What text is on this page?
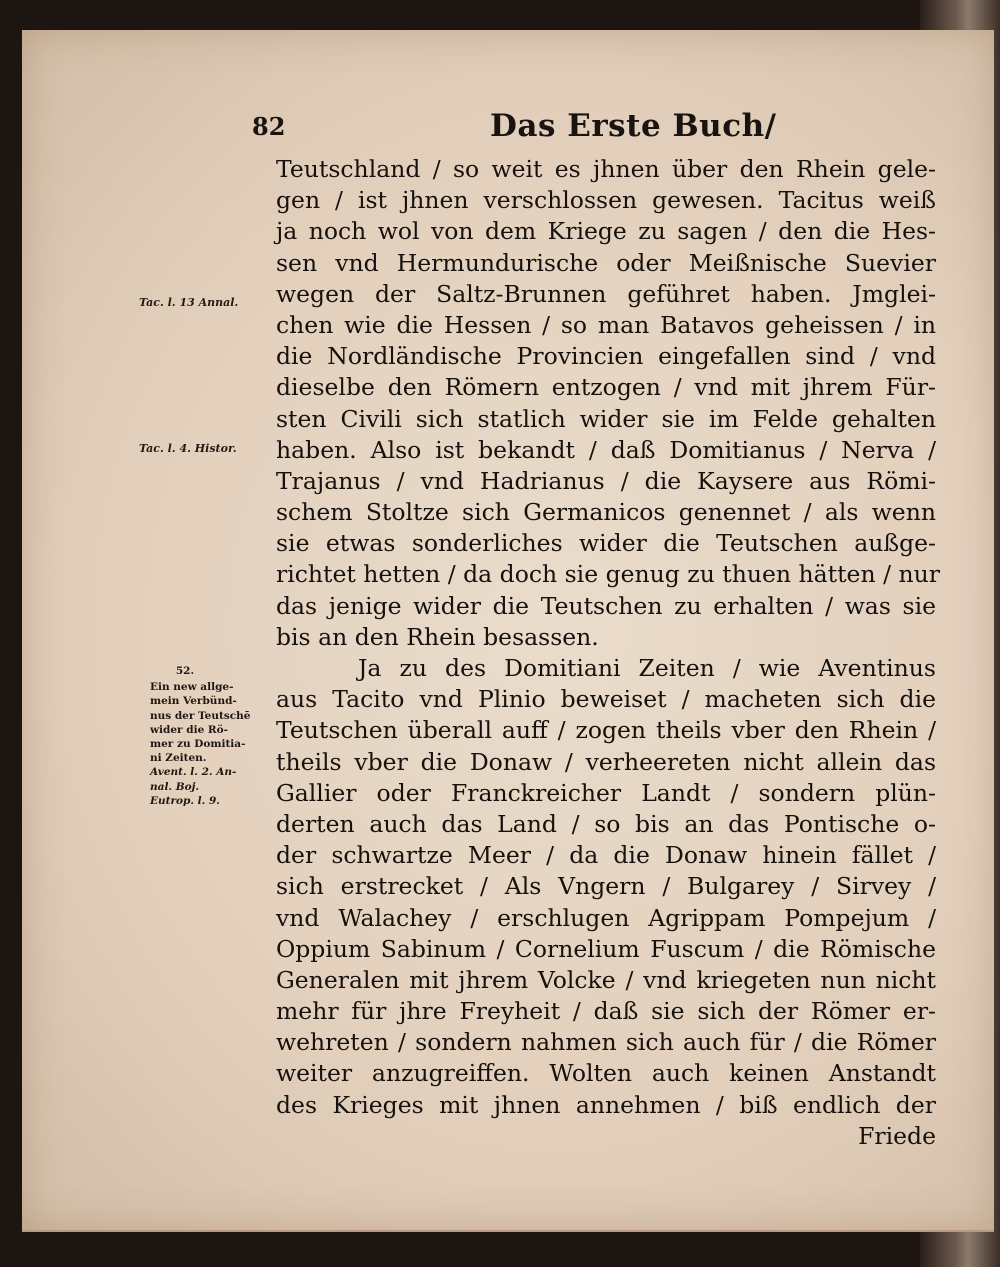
82	Das Erste Buch/
Tac. l. 13 Annal.
Tac. l. 4. Histor.
52.
Ein new allge-
mein Verbünd-
nus der Teutschē
wider die Rö-
mer zu Domitia-
ni Zeiten.
Avent. l. 2. An-
nal. Boj.
Eutrop. l. 9.
Teutschland / so weit es jhnen über den Rhein gele-
gen / ist jhnen verschlossen gewesen. Tacitus weiß
ja noch wol von dem Kriege zu sagen / den die Hes-
sen vnd Hermundurische oder Meißnische Suevier
wegen der Saltz-Brunnen geführet haben. Jmglei-
chen wie die Hessen / so man Batavos geheissen / in
die Nordländische Provincien eingefallen sind / vnd
dieselbe den Römern entzogen / vnd mit jhrem Für-
sten Civili sich statlich wider sie im Felde gehalten
haben. Also ist bekandt / daß Domitianus / Nerva /
Trajanus / vnd Hadrianus / die Kaysere aus Römi-
schem Stoltze sich Germanicos genennet / als wenn
sie etwas sonderliches wider die Teutschen außge-
richtet hetten / da doch sie genug zu thuen hätten / nur
das jenige wider die Teutschen zu erhalten / was sie
bis an den Rhein besassen.
Ja zu des Domitiani Zeiten / wie Aventinus
aus Tacito vnd Plinio beweiset / macheten sich die
Teutschen überall auff / zogen theils vber den Rhein /
theils vber die Donaw / verheereten nicht allein das
Gallier oder Franckreicher Landt / sondern plün-
derten auch das Land / so bis an das Pontische o-
der schwartze Meer / da die Donaw hinein fället /
sich erstrecket / Als Vngern / Bulgarey / Sirvey /
vnd Walachey / erschlugen Agrippam Pompejum /
Oppium Sabinum / Cornelium Fuscum / die Römische
Generalen mit jhrem Volcke / vnd kriegeten nun nicht
mehr für jhre Freyheit / daß sie sich der Römer er-
wehreten / sondern nahmen sich auch für / die Römer
weiter anzugreiffen. Wolten auch keinen Anstandt
des Krieges mit jhnen annehmen / biß endlich der
Friede
